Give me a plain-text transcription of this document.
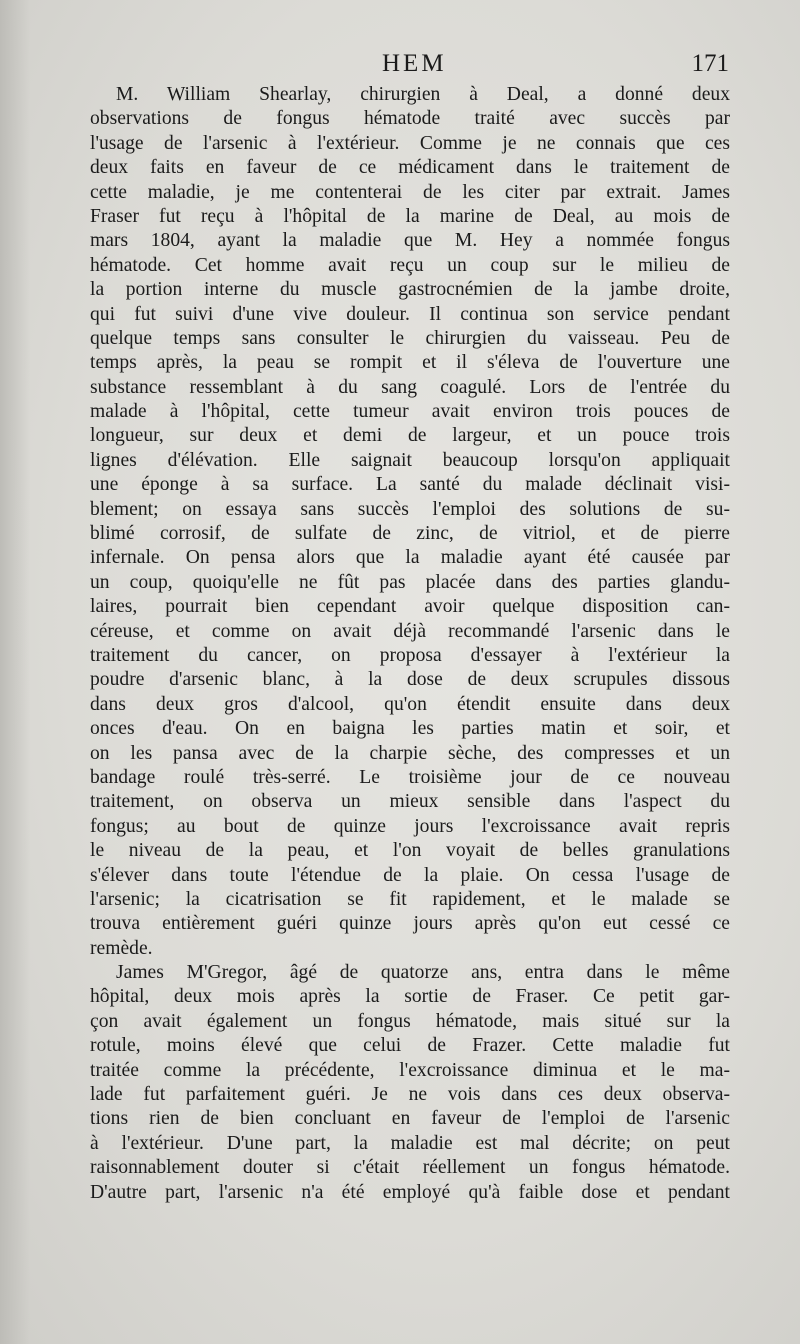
HEM	171
M. William Shearlay, chirurgien à Deal, a donné deux
observations de fongus hématode traité avec succès par
l'usage de l'arsenic à l'extérieur. Comme je ne connais que ces
deux faits en faveur de ce médicament dans le traitement de
cette maladie, je me contenterai de les citer par extrait. James
Fraser fut reçu à l'hôpital de la marine de Deal, au mois de
mars 1804, ayant la maladie que M. Hey a nommée fongus
hématode. Cet homme avait reçu un coup sur le milieu de
la portion interne du muscle gastrocnémien de la jambe droite,
qui fut suivi d'une vive douleur. Il continua son service pendant
quelque temps sans consulter le chirurgien du vaisseau. Peu de
temps après, la peau se rompit et il s'éleva de l'ouverture une
substance ressemblant à du sang coagulé. Lors de l'entrée du
malade à l'hôpital, cette tumeur avait environ trois pouces de
longueur, sur deux et demi de largeur, et un pouce trois
lignes d'élévation. Elle saignait beaucoup lorsqu'on appliquait
une éponge à sa surface. La santé du malade déclinait visi-
blement; on essaya sans succès l'emploi des solutions de su-
blimé corrosif, de sulfate de zinc, de vitriol, et de pierre
infernale. On pensa alors que la maladie ayant été causée par
un coup, quoiqu'elle ne fût pas placée dans des parties glandu-
laires, pourrait bien cependant avoir quelque disposition can-
céreuse, et comme on avait déjà recommandé l'arsenic dans le
traitement du cancer, on proposa d'essayer à l'extérieur la
poudre d'arsenic blanc, à la dose de deux scrupules dissous
dans deux gros d'alcool, qu'on étendit ensuite dans deux
onces d'eau. On en baigna les parties matin et soir, et
on les pansa avec de la charpie sèche, des compresses et un
bandage roulé très-serré. Le troisième jour de ce nouveau
traitement, on observa un mieux sensible dans l'aspect du
fongus; au bout de quinze jours l'excroissance avait repris
le niveau de la peau, et l'on voyait de belles granulations
s'élever dans toute l'étendue de la plaie. On cessa l'usage de
l'arsenic; la cicatrisation se fit rapidement, et le malade se
trouva entièrement guéri quinze jours après qu'on eut cessé ce
remède.
James M'Gregor, âgé de quatorze ans, entra dans le même
hôpital, deux mois après la sortie de Fraser. Ce petit gar-
çon avait également un fongus hématode, mais situé sur la
rotule, moins élevé que celui de Frazer. Cette maladie fut
traitée comme la précédente, l'excroissance diminua et le ma-
lade fut parfaitement guéri. Je ne vois dans ces deux observa-
tions rien de bien concluant en faveur de l'emploi de l'arsenic
à l'extérieur. D'une part, la maladie est mal décrite; on peut
raisonnablement douter si c'était réellement un fongus hématode.
D'autre part, l'arsenic n'a été employé qu'à faible dose et pendant
